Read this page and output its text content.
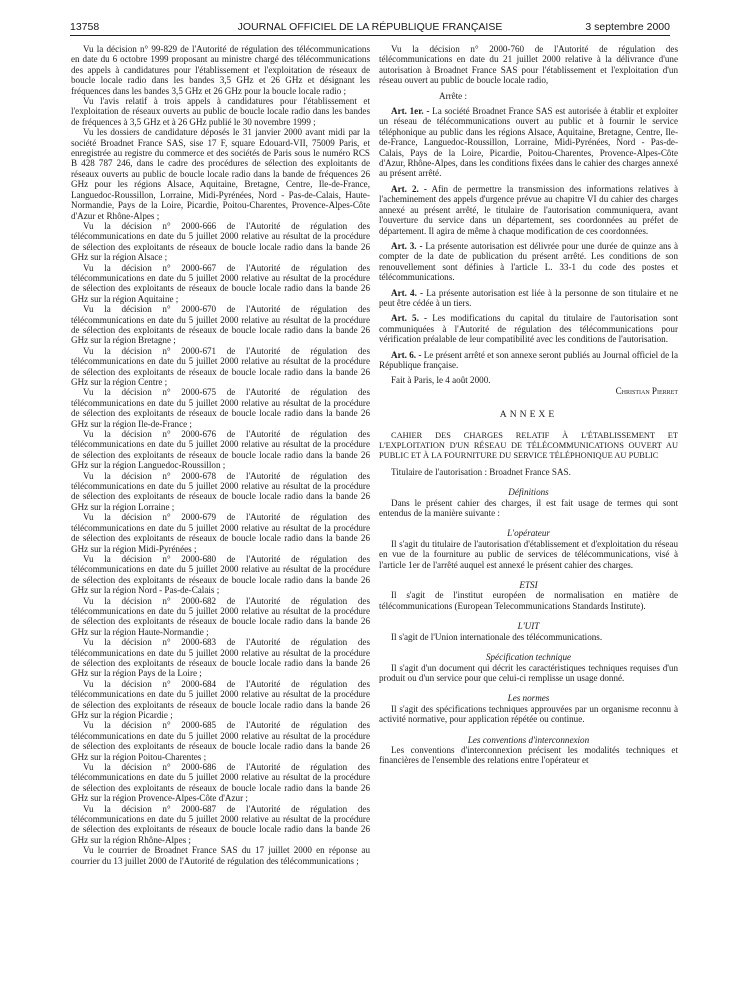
13758	JOURNAL OFFICIEL DE LA RÉPUBLIQUE FRANÇAISE	3 septembre 2000

Vu la décision n° 99-829 de l'Autorité de régulation des télécommunications en date du 6 octobre 1999 proposant au ministre chargé des télécommunications des appels à candidatures pour l'établissement et l'exploitation de réseaux de boucle locale radio dans les bandes 3,5 GHz et 26 GHz et désignant les fréquences dans les bandes 3,5 GHz et 26 GHz pour la boucle locale radio ;

Vu l'avis relatif à trois appels à candidatures pour l'établissement et l'exploitation de réseaux ouverts au public de boucle locale radio dans les bandes de fréquences à 3,5 GHz et à 26 GHz publié le 30 novembre 1999 ;

Vu les dossiers de candidature déposés le 31 janvier 2000 avant midi par la société Broadnet France SAS, sise 17 F, square Edouard-VII, 75009 Paris, et enregistrée au registre du commerce et des sociétés de Paris sous le numéro RCS B 428 787 246, dans le cadre des procédures de sélection des exploitants de réseaux ouverts au public de boucle locale radio dans la bande de fréquences 26 GHz pour les régions Alsace, Aquitaine, Bretagne, Centre, Ile-de-France, Languedoc-Roussillon, Lorraine, Midi-Pyrénées, Nord - Pas-de-Calais, Haute-Normandie, Pays de la Loire, Picardie, Poitou-Charentes, Provence-Alpes-Côte d'Azur et Rhône-Alpes ;

Vu la décision n° 2000-666 de l'Autorité de régulation des télécommunications en date du 5 juillet 2000 relative au résultat de la procédure de sélection des exploitants de réseaux de boucle locale radio dans la bande 26 GHz sur la région Alsace ;

Vu la décision n° 2000-667 de l'Autorité de régulation des télécommunications en date du 5 juillet 2000 relative au résultat de la procédure de sélection des exploitants de réseaux de boucle locale radio dans la bande 26 GHz sur la région Aquitaine ;

Vu la décision n° 2000-670 de l'Autorité de régulation des télécommunications en date du 5 juillet 2000 relative au résultat de la procédure de sélection des exploitants de réseaux de boucle locale radio dans la bande 26 GHz sur la région Bretagne ;

Vu la décision n° 2000-671 de l'Autorité de régulation des télécommunications en date du 5 juillet 2000 relative au résultat de la procédure de sélection des exploitants de réseaux de boucle locale radio dans la bande 26 GHz sur la région Centre ;

Vu la décision n° 2000-675 de l'Autorité de régulation des télécommunications en date du 5 juillet 2000 relative au résultat de la procédure de sélection des exploitants de réseaux de boucle locale radio dans la bande 26 GHz sur la région Ile-de-France ;

Vu la décision n° 2000-676 de l'Autorité de régulation des télécommunications en date du 5 juillet 2000 relative au résultat de la procédure de sélection des exploitants de réseaux de boucle locale radio dans la bande 26 GHz sur la région Languedoc-Roussillon ;

Vu la décision n° 2000-678 de l'Autorité de régulation des télécommunications en date du 5 juillet 2000 relative au résultat de la procédure de sélection des exploitants de réseaux de boucle locale radio dans la bande 26 GHz sur la région Lorraine ;

Vu la décision n° 2000-679 de l'Autorité de régulation des télécommunications en date du 5 juillet 2000 relative au résultat de la procédure de sélection des exploitants de réseaux de boucle locale radio dans la bande 26 GHz sur la région Midi-Pyrénées ;

Vu la décision n° 2000-680 de l'Autorité de régulation des télécommunications en date du 5 juillet 2000 relative au résultat de la procédure de sélection des exploitants de réseaux de boucle locale radio dans la bande 26 GHz sur la région Nord - Pas-de-Calais ;

Vu la décision n° 2000-682 de l'Autorité de régulation des télécommunications en date du 5 juillet 2000 relative au résultat de la procédure de sélection des exploitants de réseaux de boucle locale radio dans la bande 26 GHz sur la région Haute-Normandie ;

Vu la décision n° 2000-683 de l'Autorité de régulation des télécommunications en date du 5 juillet 2000 relative au résultat de la procédure de sélection des exploitants de réseaux de boucle locale radio dans la bande 26 GHz sur la région Pays de la Loire ;

Vu la décision n° 2000-684 de l'Autorité de régulation des télécommunications en date du 5 juillet 2000 relative au résultat de la procédure de sélection des exploitants de réseaux de boucle locale radio dans la bande 26 GHz sur la région Picardie ;

Vu la décision n° 2000-685 de l'Autorité de régulation des télécommunications en date du 5 juillet 2000 relative au résultat de la procédure de sélection des exploitants de réseaux de boucle locale radio dans la bande 26 GHz sur la région Poitou-Charentes ;

Vu la décision n° 2000-686 de l'Autorité de régulation des télécommunications en date du 5 juillet 2000 relative au résultat de la procédure de sélection des exploitants de réseaux de boucle locale radio dans la bande 26 GHz sur la région Provence-Alpes-Côte d'Azur ;

Vu la décision n° 2000-687 de l'Autorité de régulation des télécommunications en date du 5 juillet 2000 relative au résultat de la procédure de sélection des exploitants de réseaux de boucle locale radio dans la bande 26 GHz sur la région Rhône-Alpes ;

Vu le courrier de Broadnet France SAS du 17 juillet 2000 en réponse au courrier du 13 juillet 2000 de l'Autorité de régulation des télécommunications ;

Vu la décision n° 2000-760 de l'Autorité de régulation des télécommunications en date du 21 juillet 2000 relative à la délivrance d'une autorisation à Broadnet France SAS pour l'établissement et l'exploitation d'un réseau ouvert au public de boucle locale radio,

Arrête :

Art. 1er. - La société Broadnet France SAS est autorisée à établir et exploiter un réseau de télécommunications ouvert au public et à fournir le service téléphonique au public dans les régions Alsace, Aquitaine, Bretagne, Centre, Ile-de-France, Languedoc-Roussillon, Lorraine, Midi-Pyrénées, Nord - Pas-de-Calais, Pays de la Loire, Picardie, Poitou-Charentes, Provence-Alpes-Côte d'Azur, Rhône-Alpes, dans les conditions fixées dans le cahier des charges annexé au présent arrêté.

Art. 2. - Afin de permettre la transmission des informations relatives à l'acheminement des appels d'urgence prévue au chapitre VI du cahier des charges annexé au présent arrêté, le titulaire de l'autorisation communiquera, avant l'ouverture du service dans un département, ses coordonnées au préfet de département. Il agira de même à chaque modification de ces coordonnées.

Art. 3. - La présente autorisation est délivrée pour une durée de quinze ans à compter de la date de publication du présent arrêté. Les conditions de son renouvellement sont définies à l'article L. 33-1 du code des postes et télécommunications.

Art. 4. - La présente autorisation est liée à la personne de son titulaire et ne peut être cédée à un tiers.

Art. 5. - Les modifications du capital du titulaire de l'autorisation sont communiquées à l'Autorité de régulation des télécommunications pour vérification préalable de leur compatibilité avec les conditions de l'autorisation.

Art. 6. - Le présent arrêté et son annexe seront publiés au Journal officiel de la République française.

Fait à Paris, le 4 août 2000.

Christian Pierret

ANNEXE

CAHIER DES CHARGES RELATIF À L'ÉTABLISSEMENT ET L'EXPLOITATION D'UN RÉSEAU DE TÉLÉCOMMUNICATIONS OUVERT AU PUBLIC ET À LA FOURNITURE DU SERVICE TÉLÉPHONIQUE AU PUBLIC

Titulaire de l'autorisation : Broadnet France SAS.

Définitions

Dans le présent cahier des charges, il est fait usage de termes qui sont entendus de la manière suivante :

L'opérateur

Il s'agit du titulaire de l'autorisation d'établissement et d'exploitation du réseau en vue de la fourniture au public de services de télécommunications, visé à l'article 1er de l'arrêté auquel est annexé le présent cahier des charges.

ETSI

Il s'agit de l'institut européen de normalisation en matière de télécommunications (European Telecommunications Standards Institute).

L'UIT

Il s'agit de l'Union internationale des télécommunications.

Spécification technique

Il s'agit d'un document qui décrit les caractéristiques techniques requises d'un produit ou d'un service pour que celui-ci remplisse un usage donné.

Les normes

Il s'agit des spécifications techniques approuvées par un organisme reconnu à activité normative, pour application répétée ou continue.

Les conventions d'interconnexion

Les conventions d'interconnexion précisent les modalités techniques et financières de l'ensemble des relations entre l'opérateur et
